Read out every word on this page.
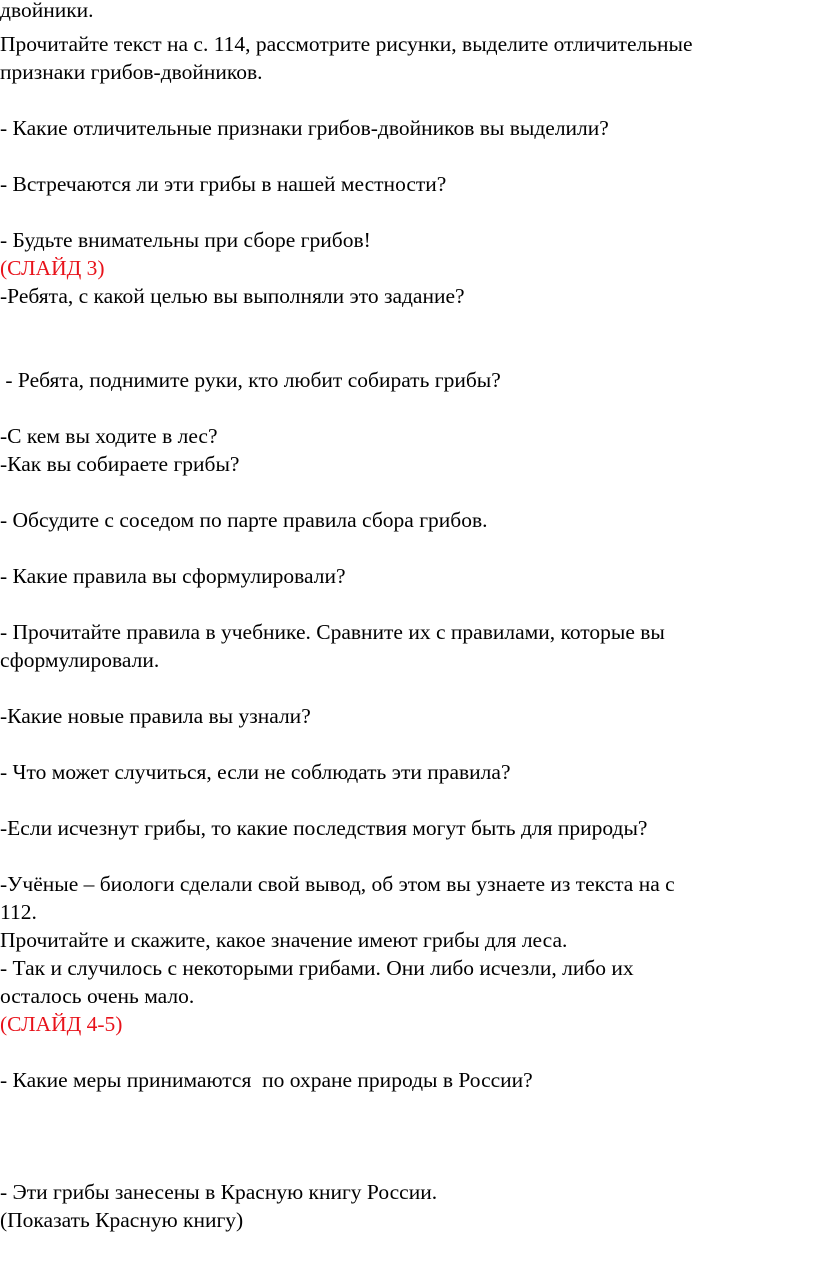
двойники.

Прочитайте текст на с. 114, рассмотрите рисунки, выделите отличительные

признаки грибов-двойников.

- Какие отличительные признаки грибов-двойников вы выделили?

- Встречаются ли эти грибы в нашей местности?

- Будьте внимательны при сборе грибов!

(СЛАЙД 3)

-Ребята, с какой целью вы выполняли это задание?

- Ребята, поднимите руки, кто любит собирать грибы?

-С кем вы ходите в лес?

-Как вы собираете грибы?

- Обсудите с соседом по парте правила сбора грибов.

- Какие правила вы сформулировали?

- Прочитайте правила в учебнике. Сравните их с правилами, которые вы

сформулировали.

-Какие новые правила вы узнали?

- Что может случиться, если не соблюдать эти правила?

-Если исчезнут грибы, то какие последствия могут быть для природы?

-Учёные – биологи сделали свой вывод, об этом вы узнаете из текста на с

112.

Прочитайте и скажите, какое значение имеют грибы для леса.

- Так и случилось с некоторыми грибами. Они либо исчезли, либо их

осталось очень мало.

(СЛАЙД 4-5)

- Какие меры принимаются  по охране природы в России?

- Эти грибы занесены в Красную книгу России.

(Показать Красную книгу)
